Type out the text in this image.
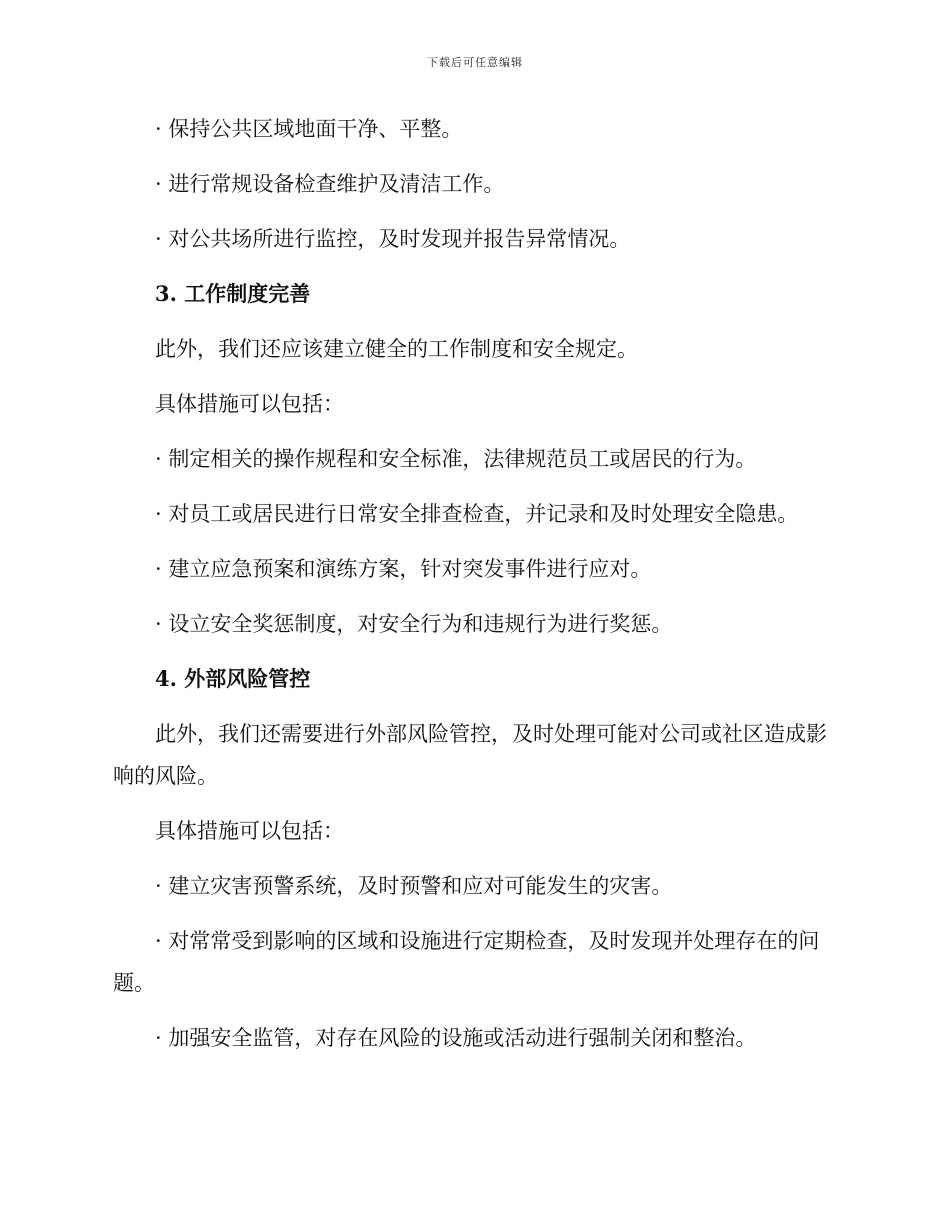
下载后可任意编辑

· 保持公共区域地面干净、平整。

· 进行常规设备检查维护及清洁工作。

· 对公共场所进行监控，及时发现并报告异常情况。

3. 工作制度完善

此外，我们还应该建立健全的工作制度和安全规定。

具体措施可以包括：

· 制定相关的操作规程和安全标准，法律规范员工或居民的行为。

· 对员工或居民进行日常安全排查检查，并记录和及时处理安全隐患。

· 建立应急预案和演练方案，针对突发事件进行应对。

· 设立安全奖惩制度，对安全行为和违规行为进行奖惩。

4. 外部风险管控

此外，我们还需要进行外部风险管控，及时处理可能对公司或社区造成影响的风险。

具体措施可以包括：

· 建立灾害预警系统，及时预警和应对可能发生的灾害。

· 对常常受到影响的区域和设施进行定期检查，及时发现并处理存在的问题。

· 加强安全监管，对存在风险的设施或活动进行强制关闭和整治。
